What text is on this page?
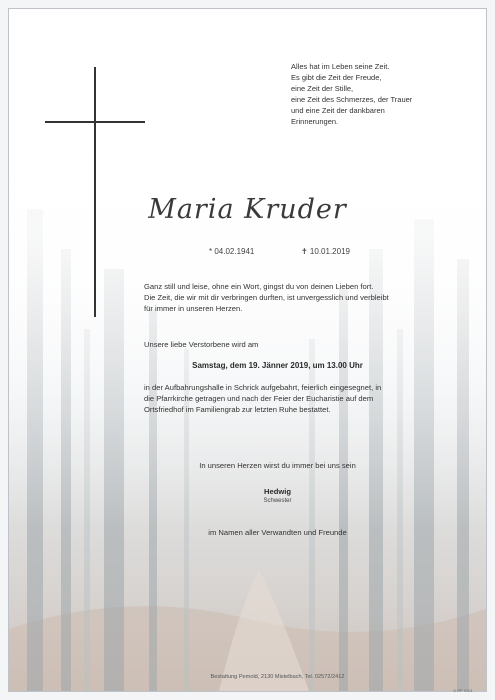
Alles hat im Leben seine Zeit.
Es gibt die Zeit der Freude,
eine Zeit der Stille,
eine Zeit des Schmerzes, der Trauer
und eine Zeit der dankbaren
Erinnerungen.
Maria Kruder
* 04.02.1941	✝ 10.01.2019
Ganz still und leise, ohne ein Wort, gingst du von deinen Lieben fort.
Die Zeit, die wir mit dir verbringen durften, ist unvergesslich und verbleibt
für immer in unseren Herzen.
Unsere liebe Verstorbene wird am
Samstag, dem 19. Jänner 2019, um 13.00 Uhr
in der Aufbahrungshalle in Schrick aufgebahrt, feierlich eingesegnet, in
die Pfarrkirche getragen und nach der Feier der Eucharistie auf dem
Ortsfriedhof im Familiengrab zur letzten Ruhe bestattet.
In unseren Herzen wirst du immer bei uns sein
Hedwig
Schwester
im Namen aller Verwandten und Freunde
Bestattung Pemold, 2130 Mistelbach, Tel. 02572/2412
G RP 9101
